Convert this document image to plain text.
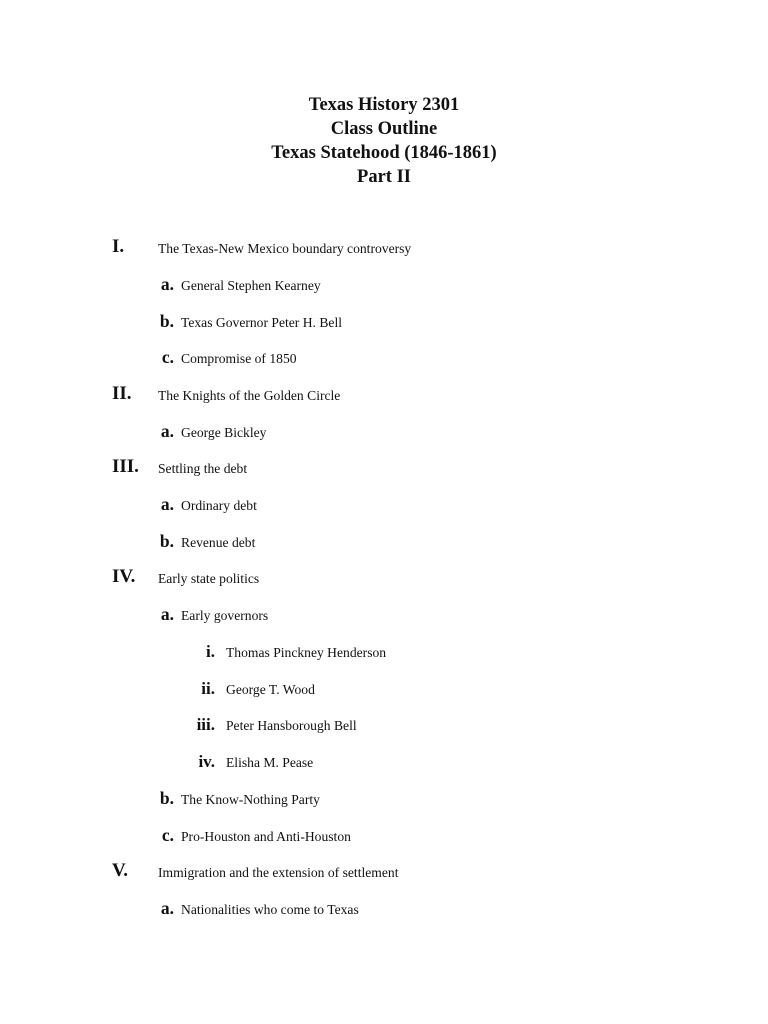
Texas History 2301

Class Outline

Texas Statehood (1846-1861)

Part II

I. The Texas-New Mexico boundary controversy
a. General Stephen Kearney
b. Texas Governor Peter H. Bell
c. Compromise of 1850
II. The Knights of the Golden Circle
a. George Bickley
III. Settling the debt
a. Ordinary debt
b. Revenue debt
IV. Early state politics
a. Early governors
i. Thomas Pinckney Henderson
ii. George T. Wood
iii. Peter Hansborough Bell
iv. Elisha M. Pease
b. The Know-Nothing Party
c. Pro-Houston and Anti-Houston
V. Immigration and the extension of settlement
a. Nationalities who come to Texas
